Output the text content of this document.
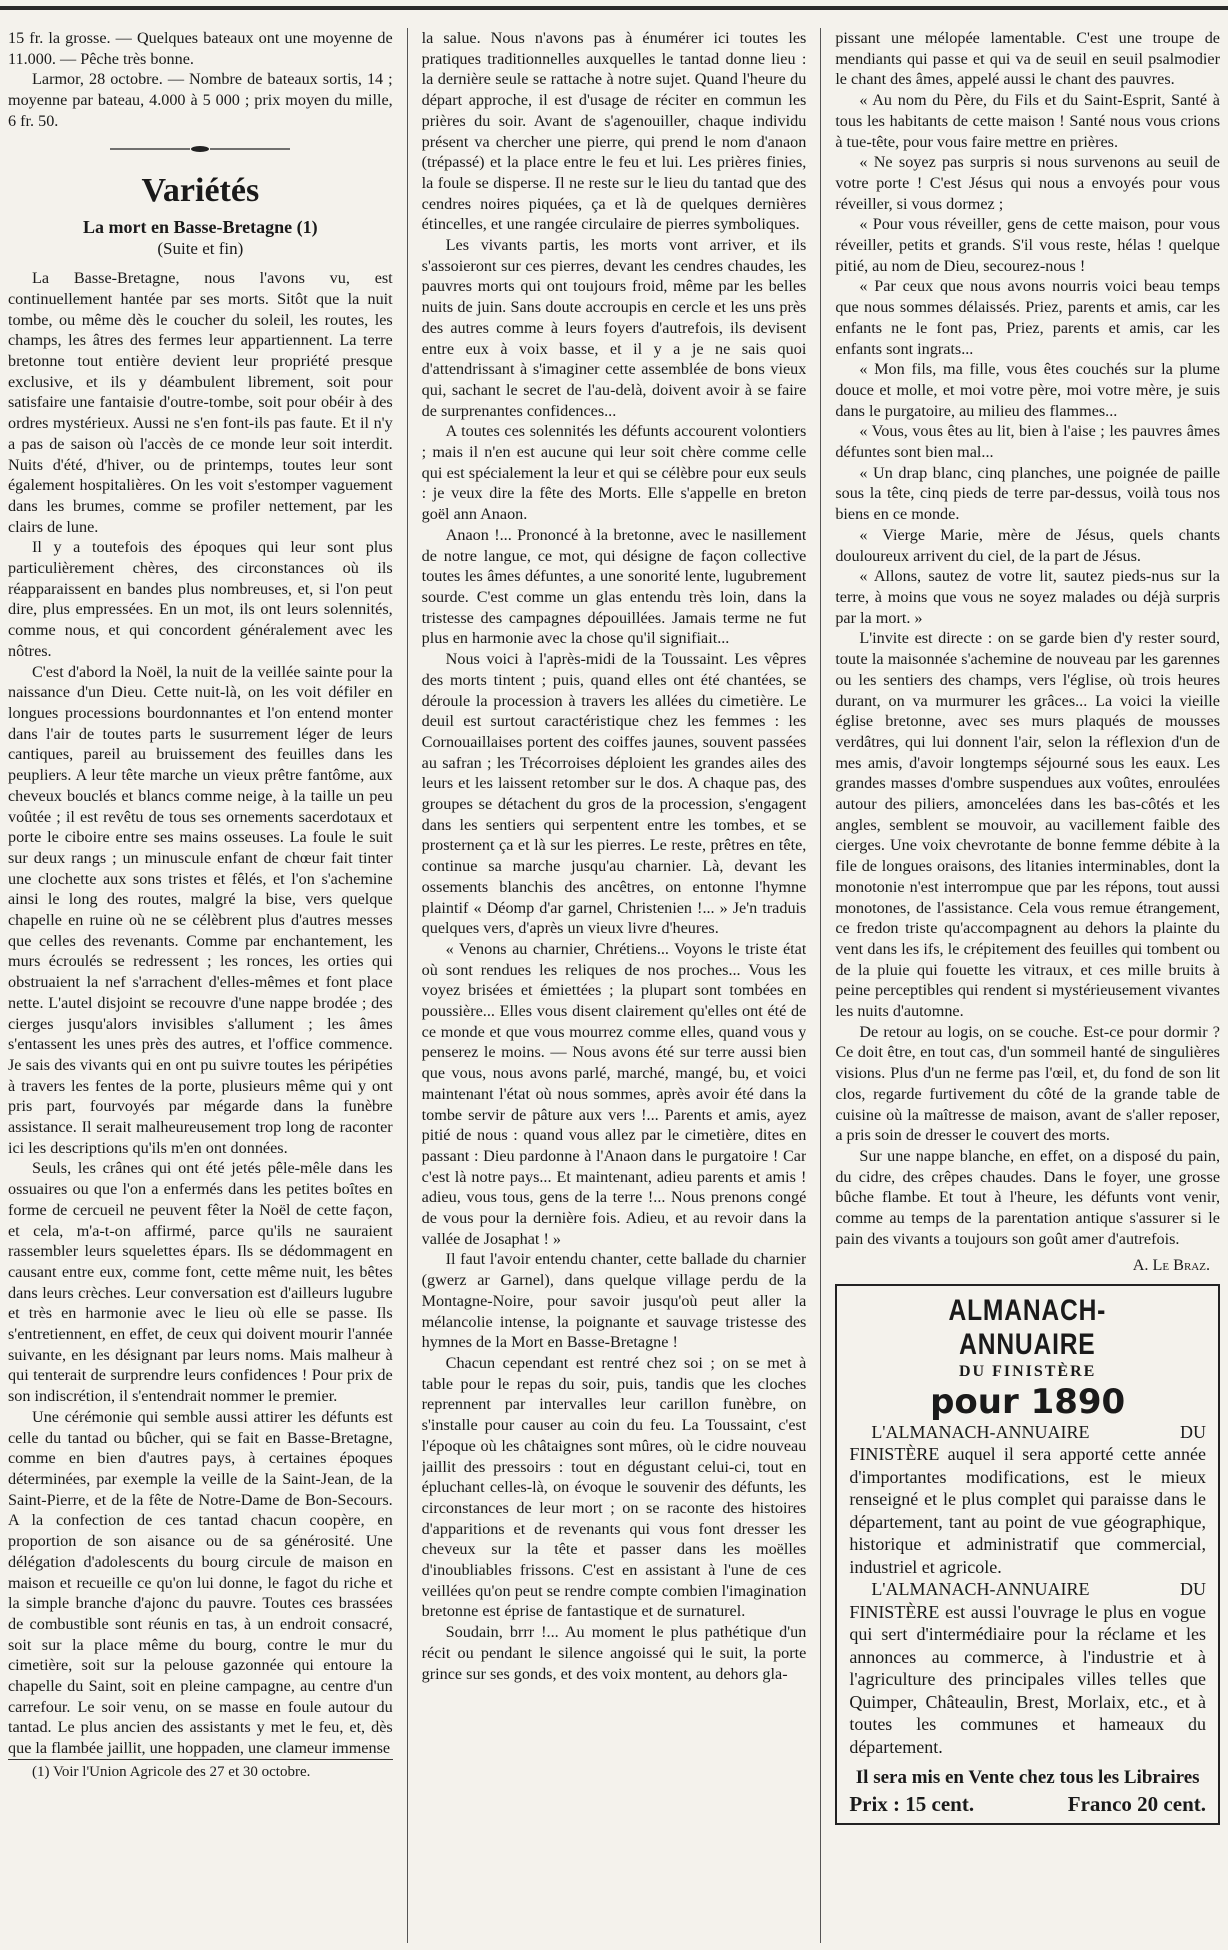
15 fr. la grosse. — Quelques bateaux ont une moyenne de 11.000. — Pêche très bonne.

Larmor, 28 octobre. — Nombre de bateaux sortis, 14 ; moyenne par bateau, 4.000 à 5 000 ; prix moyen du mille, 6 fr. 50.

Variétés
La mort en Basse-Bretagne (1)
(Suite et fin)

La Basse-Bretagne, nous l'avons vu, est continuellement hantée par ses morts. Sitôt que la nuit tombe, ou même dès le coucher du soleil, les routes, les champs, les âtres des fermes leur appartiennent. La terre bretonne tout entière devient leur propriété presque exclusive, et ils y déambulent librement, soit pour satisfaire une fantaisie d'outre-tombe, soit pour obéir à des ordres mystérieux. Aussi ne s'en font-ils pas faute. Et il n'y a pas de saison où l'accès de ce monde leur soit interdit. Nuits d'été, d'hiver, ou de printemps, toutes leur sont également hospitalières. On les voit s'estomper vaguement dans les brumes, comme se profiler nettement, par les clairs de lune.

Il y a toutefois des époques qui leur sont plus particulièrement chères, des circonstances où ils réapparaissent en bandes plus nombreuses, et, si l'on peut dire, plus empressées. En un mot, ils ont leurs solennités, comme nous, et qui concordent généralement avec les nôtres.

C'est d'abord la Noël, la nuit de la veillée sainte pour la naissance d'un Dieu. Cette nuit-là, on les voit défiler en longues processions bourdonnantes et l'on entend monter dans l'air de toutes parts le susurrement léger de leurs cantiques, pareil au bruissement des feuilles dans les peupliers. A leur tête marche un vieux prêtre fantôme, aux cheveux bouclés et blancs comme neige, à la taille un peu voûtée ; il est revêtu de tous ses ornements sacerdotaux et porte le ciboire entre ses mains osseuses. La foule le suit sur deux rangs ; un minuscule enfant de chœur fait tinter une clochette aux sons tristes et fêlés, et l'on s'achemine ainsi le long des routes, malgré la bise, vers quelque chapelle en ruine où ne se célèbrent plus d'autres messes que celles des revenants. Comme par enchantement, les murs écroulés se redressent ; les ronces, les orties qui obstruaient la nef s'arrachent d'elles-mêmes et font place nette. L'autel disjoint se recouvre d'une nappe brodée ; des cierges jusqu'alors invisibles s'allument ; les âmes s'entassent les unes près des autres, et l'office commence. Je sais des vivants qui en ont pu suivre toutes les péripéties à travers les fentes de la porte, plusieurs même qui y ont pris part, fourvoyés par mégarde dans la funèbre assistance. Il serait malheureusement trop long de raconter ici les descriptions qu'ils m'en ont données.

Seuls, les crânes qui ont été jetés pêle-mêle dans les ossuaires ou que l'on a enfermés dans les petites boîtes en forme de cercueil ne peuvent fêter la Noël de cette façon, et cela, m'a-t-on affirmé, parce qu'ils ne sauraient rassembler leurs squelettes épars. Ils se dédommagent en causant entre eux, comme font, cette même nuit, les bêtes dans leurs crèches. Leur conversation est d'ailleurs lugubre et très en harmonie avec le lieu où elle se passe. Ils s'entretiennent, en effet, de ceux qui doivent mourir l'année suivante, en les désignant par leurs noms. Mais malheur à qui tenterait de surprendre leurs confidences ! Pour prix de son indiscrétion, il s'entendrait nommer le premier.

Une cérémonie qui semble aussi attirer les défunts est celle du tantad ou bûcher, qui se fait en Basse-Bretagne, comme en bien d'autres pays, à certaines époques déterminées, par exemple la veille de la Saint-Jean, de la Saint-Pierre, et de la fête de Notre-Dame de Bon-Secours. A la confection de ces tantad chacun coopère, en proportion de son aisance ou de sa générosité. Une délégation d'adolescents du bourg circule de maison en maison et recueille ce qu'on lui donne, le fagot du riche et la simple branche d'ajonc du pauvre. Toutes ces brassées de combustible sont réunis en tas, à un endroit consacré, soit sur la place même du bourg, contre le mur du cimetière, soit sur la pelouse gazonnée qui entoure la chapelle du Saint, soit en pleine campagne, au centre d'un carrefour. Le soir venu, on se masse en foule autour du tantad. Le plus ancien des assistants y met le feu, et, dès que la flambée jaillit, une hoppaden, une clameur immense

(1) Voir l'Union Agricole des 27 et 30 octobre.

la salue. Nous n'avons pas à énumérer ici toutes les pratiques traditionnelles auxquelles le tantad donne lieu : la dernière seule se rattache à notre sujet. Quand l'heure du départ approche, il est d'usage de réciter en commun les prières du soir. Avant de s'agenouiller, chaque individu présent va chercher une pierre, qui prend le nom d'anaon (trépassé) et la place entre le feu et lui. Les prières finies, la foule se disperse. Il ne reste sur le lieu du tantad que des cendres noires piquées, ça et là de quelques dernières étincelles, et une rangée circulaire de pierres symboliques.

Les vivants partis, les morts vont arriver, et ils s'assoieront sur ces pierres, devant les cendres chaudes, les pauvres morts qui ont toujours froid, même par les belles nuits de juin. Sans doute accroupis en cercle et les uns près des autres comme à leurs foyers d'autrefois, ils devisent entre eux à voix basse, et il y a je ne sais quoi d'attendrissant à s'imaginer cette assemblée de bons vieux qui, sachant le secret de l'au-delà, doivent avoir à se faire de surprenantes confidences...

A toutes ces solennités les défunts accourent volontiers ; mais il n'en est aucune qui leur soit chère comme celle qui est spécialement la leur et qui se célèbre pour eux seuls : je veux dire la fête des Morts. Elle s'appelle en breton goël ann Anaon.

Anaon !... Prononcé à la bretonne, avec le nasillement de notre langue, ce mot, qui désigne de façon collective toutes les âmes défuntes, a une sonorité lente, lugubrement sourde. C'est comme un glas entendu très loin, dans la tristesse des campagnes dépouillées. Jamais terme ne fut plus en harmonie avec la chose qu'il signifiait...

Nous voici à l'après-midi de la Toussaint. Les vêpres des morts tintent ; puis, quand elles ont été chantées, se déroule la procession à travers les allées du cimetière. Le deuil est surtout caractéristique chez les femmes : les Cornouaillaises portent des coiffes jaunes, souvent passées au safran ; les Trécorroises déploient les grandes ailes des leurs et les laissent retomber sur le dos. A chaque pas, des groupes se détachent du gros de la procession, s'engagent dans les sentiers qui serpentent entre les tombes, et se prosternent ça et là sur les pierres. Le reste, prêtres en tête, continue sa marche jusqu'au charnier. Là, devant les ossements blanchis des ancêtres, on entonne l'hymne plaintif « Déomp d'ar garnel, Christenien !... » Je'n traduis quelques vers, d'après un vieux livre d'heures.

« Venons au charnier, Chrétiens... Voyons le triste état où sont rendues les reliques de nos proches... Vous les voyez brisées et émiettées ; la plupart sont tombées en poussière... Elles vous disent clairement qu'elles ont été de ce monde et que vous mourrez comme elles, quand vous y penserez le moins. — Nous avons été sur terre aussi bien que vous, nous avons parlé, marché, mangé, bu, et voici maintenant l'état où nous sommes, après avoir été dans la tombe servir de pâture aux vers !... Parents et amis, ayez pitié de nous : quand vous allez par le cimetière, dites en passant : Dieu pardonne à l'Anaon dans le purgatoire ! Car c'est là notre pays... Et maintenant, adieu parents et amis ! adieu, vous tous, gens de la terre !... Nous prenons congé de vous pour la dernière fois. Adieu, et au revoir dans la vallée de Josaphat ! »

Il faut l'avoir entendu chanter, cette ballade du charnier (gwerz ar Garnel), dans quelque village perdu de la Montagne-Noire, pour savoir jusqu'où peut aller la mélancolie intense, la poignante et sauvage tristesse des hymnes de la Mort en Basse-Bretagne !

Chacun cependant est rentré chez soi ; on se met à table pour le repas du soir, puis, tandis que les cloches reprennent par intervalles leur carillon funèbre, on s'installe pour causer au coin du feu. La Toussaint, c'est l'époque où les châtaignes sont mûres, où le cidre nouveau jaillit des pressoirs : tout en dégustant celui-ci, tout en épluchant celles-là, on évoque le souvenir des défunts, les circonstances de leur mort ; on se raconte des histoires d'apparitions et de revenants qui vous font dresser les cheveux sur la tête et passer dans les moëlles d'inoubliables frissons. C'est en assistant à l'une de ces veillées qu'on peut se rendre compte combien l'imagination bretonne est éprise de fantastique et de surnaturel.

Soudain, brrr !... Au moment le plus pathétique d'un récit ou pendant le silence angoissé qui le suit, la porte grince sur ses gonds, et des voix montent, au dehors gla-

pissant une mélopée lamentable. C'est une troupe de mendiants qui passe et qui va de seuil en seuil psalmodier le chant des âmes, appelé aussi le chant des pauvres.

« Au nom du Père, du Fils et du Saint-Esprit, Santé à tous les habitants de cette maison ! Santé nous vous crions à tue-tête, pour vous faire mettre en prières.

« Ne soyez pas surpris si nous survenons au seuil de votre porte ! C'est Jésus qui nous a envoyés pour vous réveiller, si vous dormez ;

« Pour vous réveiller, gens de cette maison, pour vous réveiller, petits et grands. S'il vous reste, hélas ! quelque pitié, au nom de Dieu, secourez-nous !

« Par ceux que nous avons nourris voici beau temps que nous sommes délaissés. Priez, parents et amis, car les enfants ne le font pas, Priez, parents et amis, car les enfants sont ingrats...

« Mon fils, ma fille, vous êtes couchés sur la plume douce et molle, et moi votre père, moi votre mère, je suis dans le purgatoire, au milieu des flammes...

« Vous, vous êtes au lit, bien à l'aise ; les pauvres âmes défuntes sont bien mal...

« Un drap blanc, cinq planches, une poignée de paille sous la tête, cinq pieds de terre par-dessus, voilà tous nos biens en ce monde.

« Vierge Marie, mère de Jésus, quels chants douloureux arrivent du ciel, de la part de Jésus.

« Allons, sautez de votre lit, sautez pieds-nus sur la terre, à moins que vous ne soyez malades ou déjà surpris par la mort. »

L'invite est directe : on se garde bien d'y rester sourd, toute la maisonnée s'achemine de nouveau par les garennes ou les sentiers des champs, vers l'église, où trois heures durant, on va murmurer les grâces... La voici la vieille église bretonne, avec ses murs plaqués de mousses verdâtres, qui lui donnent l'air, selon la réflexion d'un de mes amis, d'avoir longtemps séjourné sous les eaux. Les grandes masses d'ombre suspendues aux voûtes, enroulées autour des piliers, amoncelées dans les bas-côtés et les angles, semblent se mouvoir, au vacillement faible des cierges. Une voix chevrotante de bonne femme débite à la file de longues oraisons, des litanies interminables, dont la monotonie n'est interrompue que par les répons, tout aussi monotones, de l'assistance. Cela vous remue étrangement, ce fredon triste qu'accompagnent au dehors la plainte du vent dans les ifs, le crépitement des feuilles qui tombent ou de la pluie qui fouette les vitraux, et ces mille bruits à peine perceptibles qui rendent si mystérieusement vivantes les nuits d'automne.

De retour au logis, on se couche. Est-ce pour dormir ? Ce doit être, en tout cas, d'un sommeil hanté de singulières visions. Plus d'un ne ferme pas l'œil, et, du fond de son lit clos, regarde furtivement du côté de la grande table de cuisine où la maîtresse de maison, avant de s'aller reposer, a pris soin de dresser le couvert des morts.

Sur une nappe blanche, en effet, on a disposé du pain, du cidre, des crêpes chaudes. Dans le foyer, une grosse bûche flambe. Et tout à l'heure, les défunts vont venir, comme au temps de la parentation antique s'assurer si le pain des vivants a toujours son goût amer d'autrefois.

A. Le Braz.
ALMANACH-ANNUAIRE
DU FINISTÈRE
pour 1890

L'ALMANACH-ANNUAIRE DU FINISTÈRE auquel il sera apporté cette année d'importantes modifications, est le mieux renseigné et le plus complet qui paraisse dans le département, tant au point de vue géographique, historique et administratif que commercial, industriel et agricole.

L'ALMANACH-ANNUAIRE DU FINISTÈRE est aussi l'ouvrage le plus en vogue qui sert d'intermédiaire pour la réclame et les annonces au commerce, à l'industrie et à l'agriculture des principales villes telles que Quimper, Châteaulin, Brest, Morlaix, etc., et à toutes les communes et hameaux du département.

Il sera mis en Vente chez tous les Libraires
Prix : 15 cent.	Franco 20 cent.
